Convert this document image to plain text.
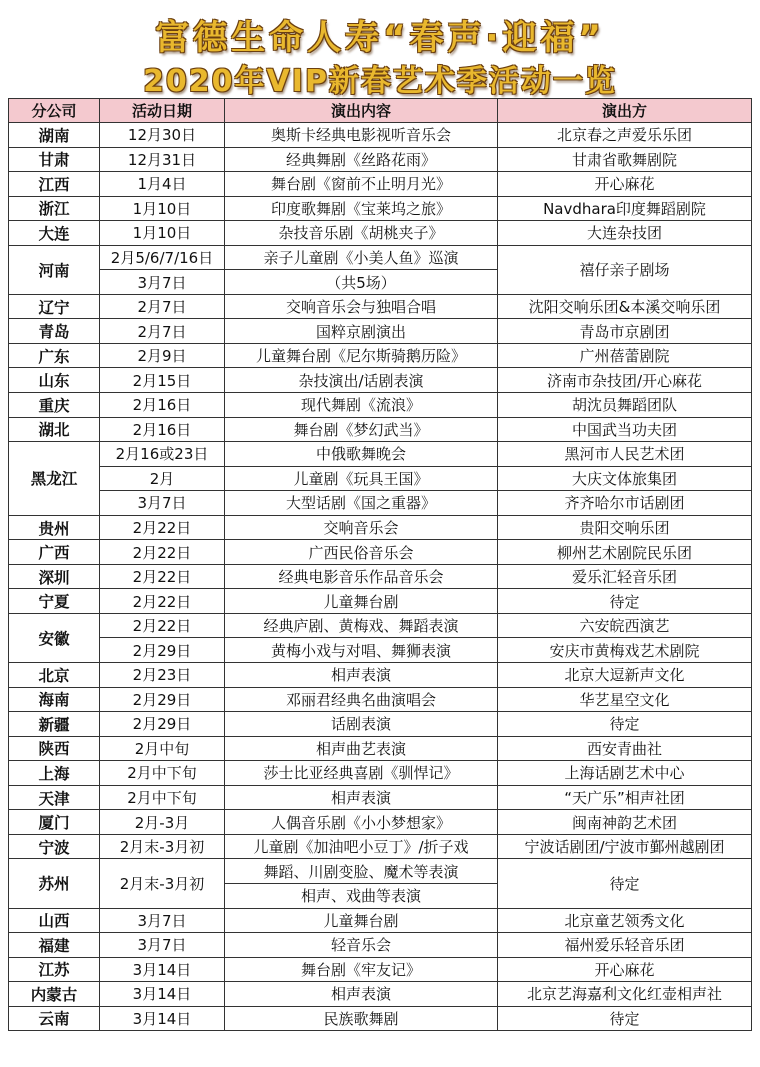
富德生命人寿“春声·迎福”
2020年VIP新春艺术季活动一览
分公司	活动日期	演出内容	演出方
湖南	12月30日	奥斯卡经典电影视听音乐会	北京春之声爱乐乐团
甘肃	12月31日	经典舞剧《丝路花雨》	甘肃省歌舞剧院
江西	1月4日	舞台剧《窗前不止明月光》	开心麻花
浙江	1月10日	印度歌舞剧《宝莱坞之旅》	Navdhara印度舞蹈剧院
大连	1月10日	杂技音乐剧《胡桃夹子》	大连杂技团
河南	2月5/6/7/16日	亲子儿童剧《小美人鱼》巡演	禧仔亲子剧场
	3月7日	（共5场）	
辽宁	2月7日	交响音乐会与独唱合唱	沈阳交响乐团&本溪交响乐团
青岛	2月7日	国粹京剧演出	青岛市京剧团
广东	2月9日	儿童舞台剧《尼尔斯骑鹅历险》	广州蓓蕾剧院
山东	2月15日	杂技演出/话剧表演	济南市杂技团/开心麻花
重庆	2月16日	现代舞剧《流浪》	胡沈员舞蹈团队
湖北	2月16日	舞台剧《梦幻武当》	中国武当功夫团
黑龙江	2月16或23日	中俄歌舞晚会	黑河市人民艺术团
	2月	儿童剧《玩具王国》	大庆文体旅集团
	3月7日	大型话剧《国之重器》	齐齐哈尔市话剧团
贵州	2月22日	交响音乐会	贵阳交响乐团
广西	2月22日	广西民俗音乐会	柳州艺术剧院民乐团
深圳	2月22日	经典电影音乐作品音乐会	爱乐汇轻音乐团
宁夏	2月22日	儿童舞台剧	待定
安徽	2月22日	经典庐剧、黄梅戏、舞蹈表演	六安皖西演艺
	2月29日	黄梅小戏与对唱、舞狮表演	安庆市黄梅戏艺术剧院
北京	2月23日	相声表演	北京大逗新声文化
海南	2月29日	邓丽君经典名曲演唱会	华艺星空文化
新疆	2月29日	话剧表演	待定
陕西	2月中旬	相声曲艺表演	西安青曲社
上海	2月中下旬	莎士比亚经典喜剧《驯悍记》	上海话剧艺术中心
天津	2月中下旬	相声表演	“天广乐”相声社团
厦门	2月-3月	人偶音乐剧《小小梦想家》	闽南神韵艺术团
宁波	2月末-3月初	儿童剧《加油吧小豆丁》/折子戏	宁波话剧团/宁波市鄞州越剧团
苏州	2月末-3月初	舞蹈、川剧变脸、魔术等表演	待定
		相声、戏曲等表演	
山西	3月7日	儿童舞台剧	北京童艺领秀文化
福建	3月7日	轻音乐会	福州爱乐轻音乐团
江苏	3月14日	舞台剧《牢友记》	开心麻花
内蒙古	3月14日	相声表演	北京艺海嘉利文化红壶相声社
云南	3月14日	民族歌舞剧	待定
